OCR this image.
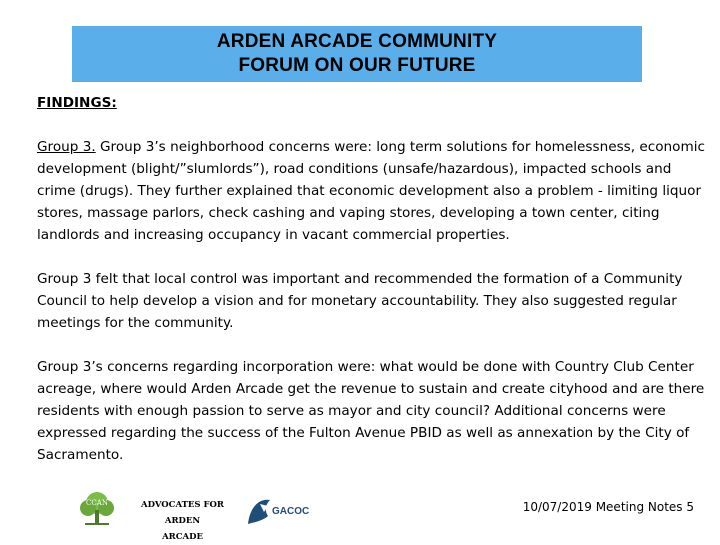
ARDEN ARCADE COMMUNITY
FORUM ON OUR FUTURE
FINDINGS:
Group 3. Group 3’s neighborhood concerns were: long term solutions for homelessness, economic development (blight/”slumlords”), road conditions (unsafe/hazardous), impacted schools and crime (drugs). They further explained that economic development also a problem - limiting liquor stores, massage parlors, check cashing and vaping stores, developing a town center, citing landlords and increasing occupancy in vacant commercial properties.
Group 3 felt that local control was important and recommended the formation of a Community Council to help develop a vision and for monetary accountability. They also suggested regular meetings for the community.
Group 3’s concerns regarding incorporation were: what would be done with Country Club Center acreage, where would Arden Arcade get the revenue to sustain and create cityhood and are there residents with enough passion to serve as mayor and city council? Additional concerns were expressed regarding the success of the Fulton Avenue PBID as well as annexation by the City of Sacramento.
CCAN	ADVOCATES FOR ARDEN
ARCADE
GACOC	10/07/2019 Meeting Notes 5
